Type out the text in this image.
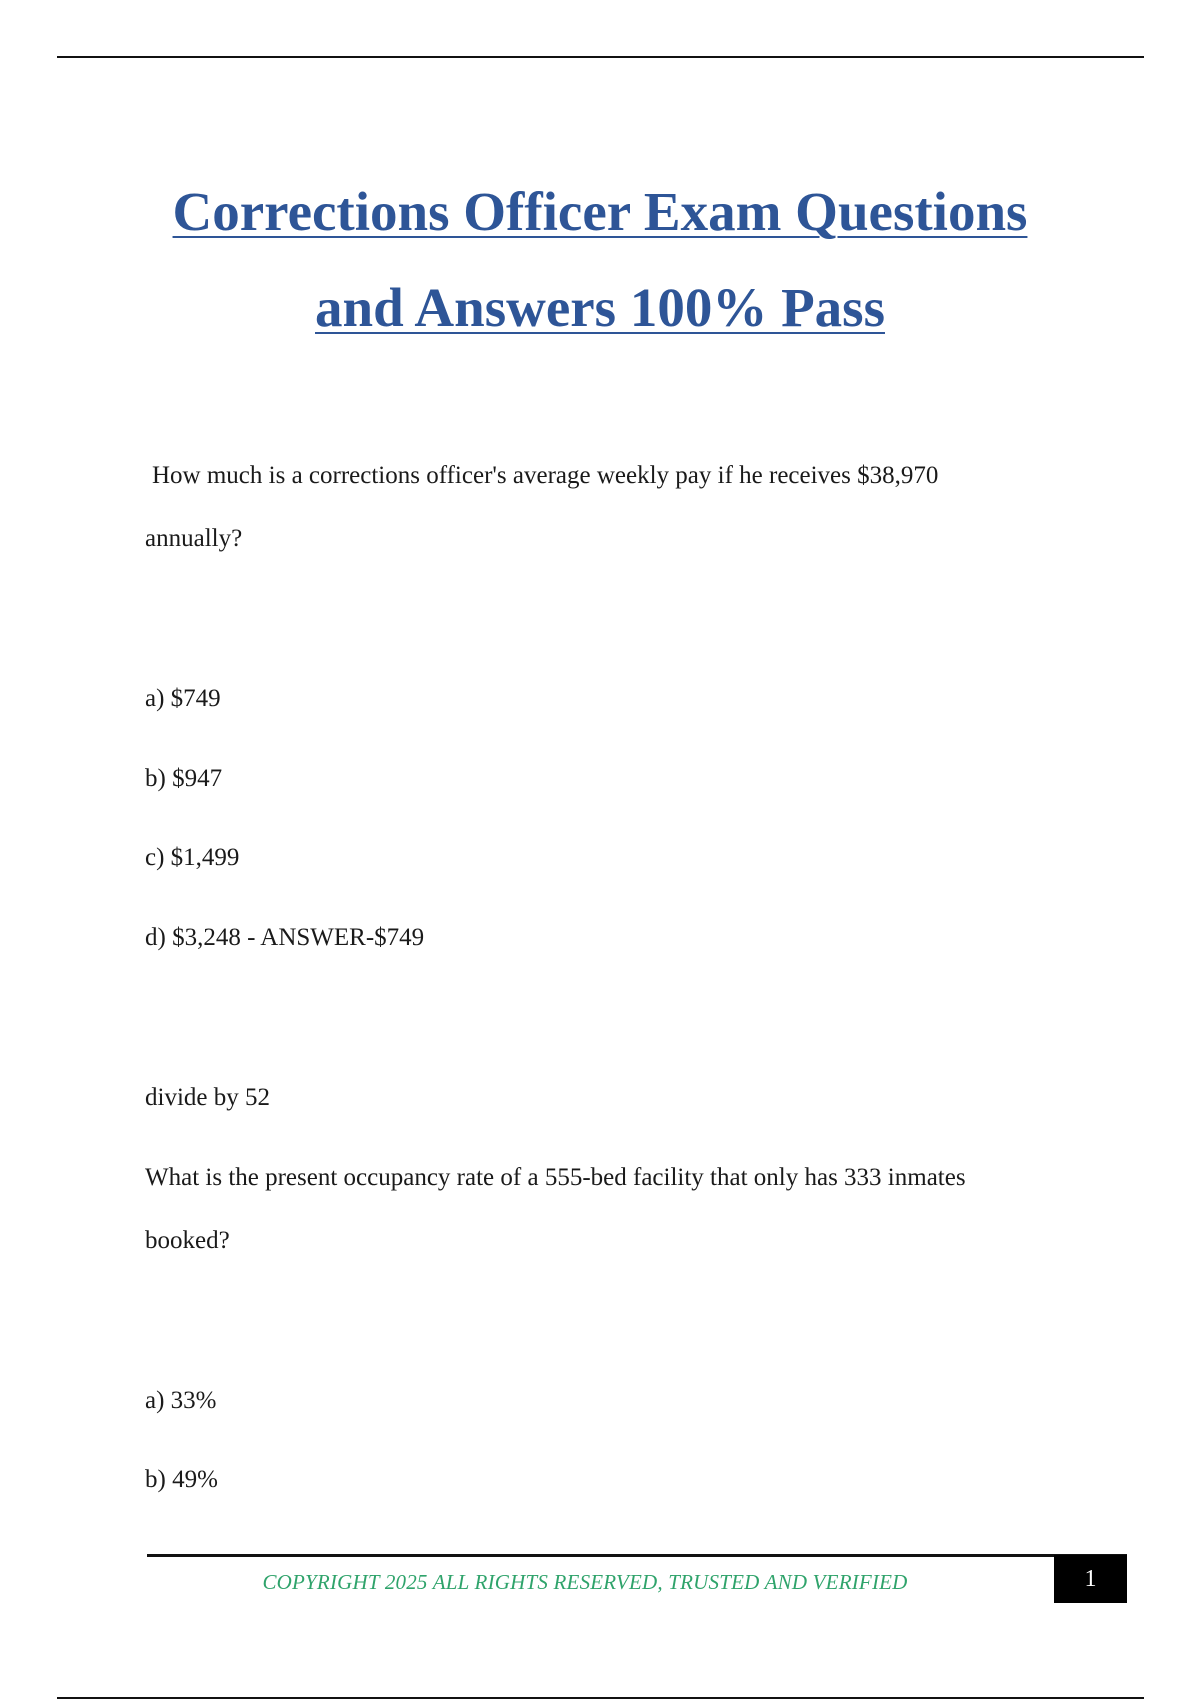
Corrections Officer Exam Questions
and Answers 100% Pass

How much is a corrections officer's average weekly pay if he receives $38,970

annually?

a) $749

b) $947

c) $1,499

d) $3,248 - ANSWER-$749

divide by 52

What is the present occupancy rate of a 555-bed facility that only has 333 inmates

booked?

a) 33%

b) 49%

COPYRIGHT 2025 ALL RIGHTS RESERVED, TRUSTED AND VERIFIED	1
